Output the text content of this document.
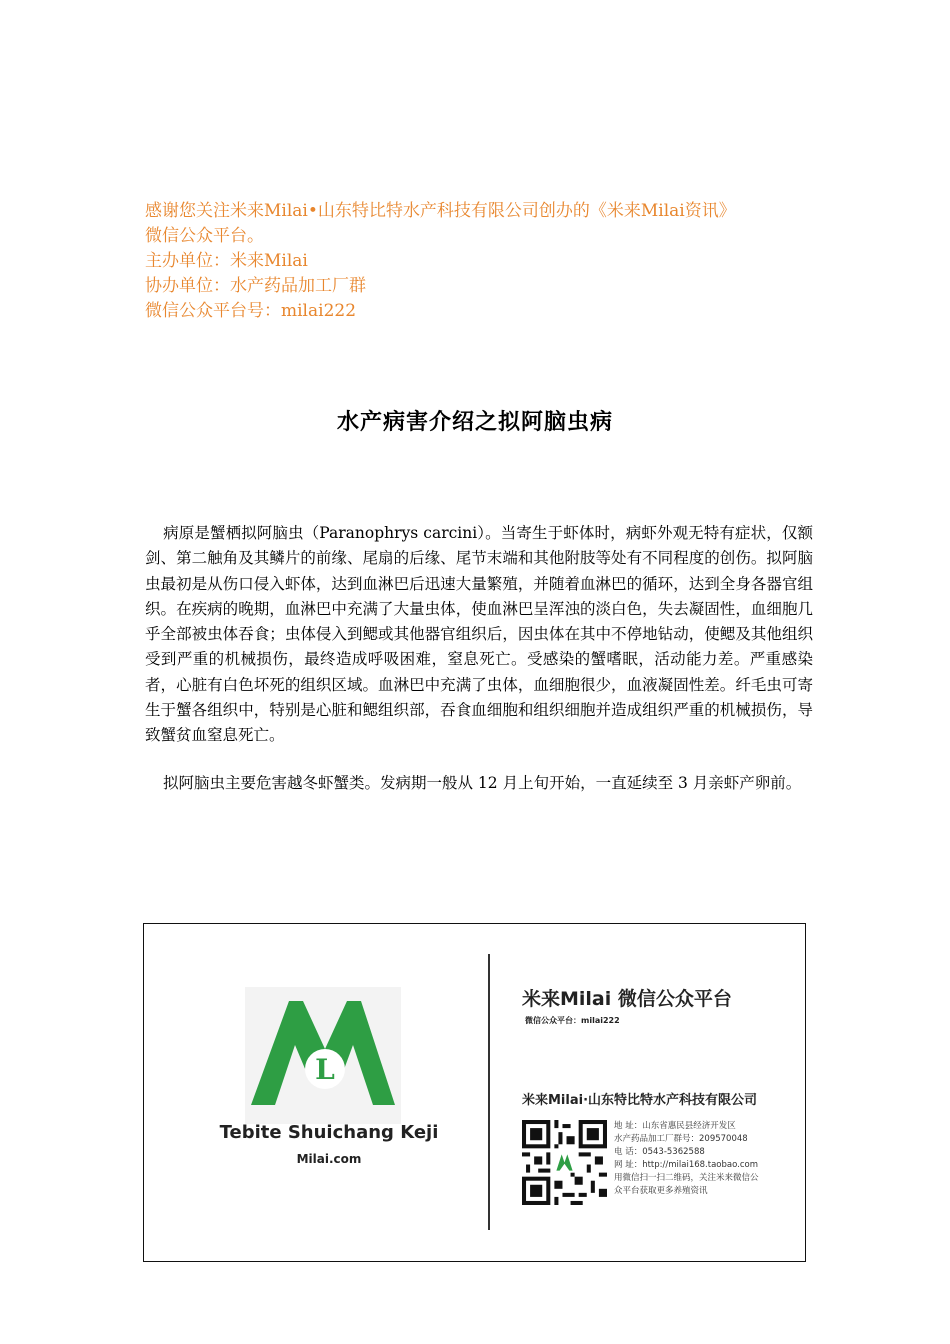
感谢您关注米来Milai•山东特比特水产科技有限公司创办的《米来Milai资讯》
微信公众平台。
主办单位：米来Milai
协办单位：水产药品加工厂群
微信公众平台号：milai222
水产病害介绍之拟阿脑虫病

病原是蟹栖拟阿脑虫（Paranophrys carcini）。当寄生于虾体时，病虾外观无特有症状，仅额剑、第二触角及其鳞片的前缘、尾扇的后缘、尾节末端和其他附肢等处有不同程度的创伤。拟阿脑虫最初是从伤口侵入虾体，达到血淋巴后迅速大量繁殖，并随着血淋巴的循环，达到全身各器官组织。在疾病的晚期，血淋巴中充满了大量虫体，使血淋巴呈浑浊的淡白色，失去凝固性，血细胞几乎全部被虫体吞食；虫体侵入到鳃或其他器官组织后，因虫体在其中不停地钻动，使鳃及其他组织受到严重的机械损伤，最终造成呼吸困难，窒息死亡。受感染的蟹嗜眠，活动能力差。严重感染者，心脏有白色坏死的组织区域。血淋巴中充满了虫体，血细胞很少，血液凝固性差。纤毛虫可寄生于蟹各组织中，特别是心脏和鳃组织部，吞食血细胞和组织细胞并造成组织严重的机械损伤，导致蟹贫血窒息死亡。

拟阿脑虫主要危害越冬虾蟹类。发病期一般从 12 月上旬开始，一直延续至 3 月亲虾产卵前。

L
Tebite Shuichang Keji
Milai.com
米来Milai 微信公众平台
微信公众平台：milai222
米来Milai·山东特比特水产科技有限公司
地 址：山东省惠民县经济开发区
水产药品加工厂群号：209570048
电 话：0543-5362588
网 址：http://milai168.taobao.com
用微信扫一扫二维码，关注米来微信公
众平台获取更多养殖资讯
